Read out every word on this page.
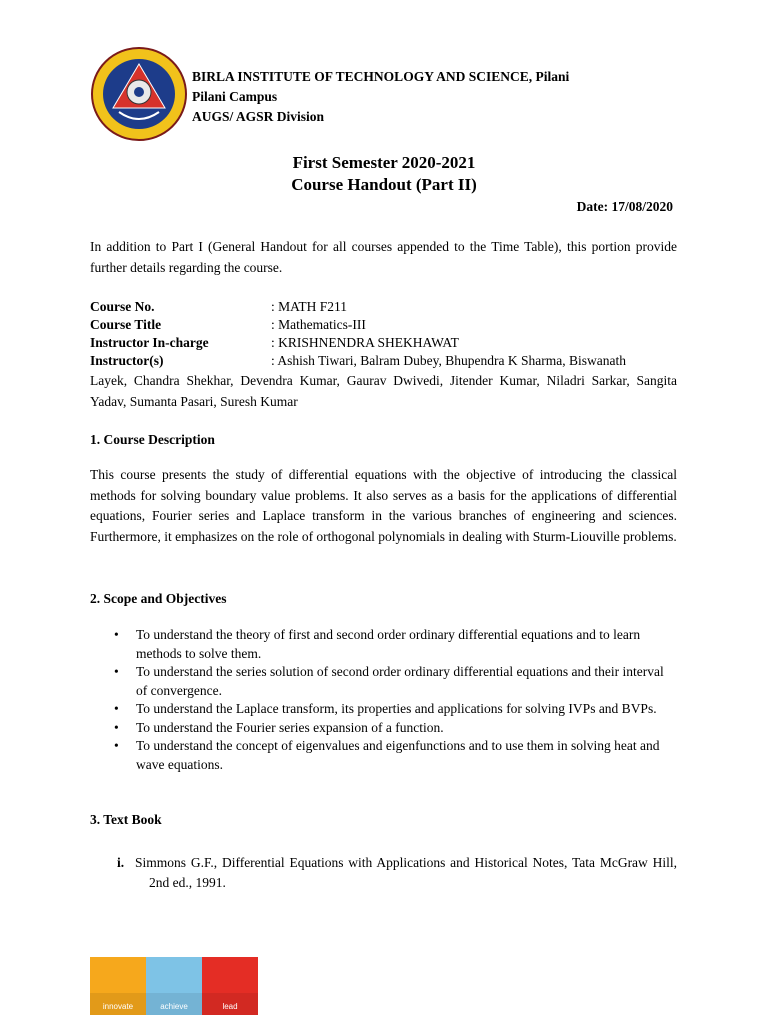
BIRLA INSTITUTE OF TECHNOLOGY AND SCIENCE, Pilani
Pilani Campus
AUGS/ AGSR Division
First Semester 2020-2021
Course Handout (Part II)
Date: 17/08/2020
In addition to Part I (General Handout for all courses appended to the Time Table), this portion provide further details regarding the course.
Course No.	: MATH F211
Course Title	: Mathematics-III
Instructor In-charge	: KRISHNENDRA SHEKHAWAT
Instructor(s)	: Ashish Tiwari, Balram Dubey, Bhupendra K Sharma, Biswanath
Layek, Chandra Shekhar, Devendra Kumar, Gaurav Dwivedi, Jitender Kumar, Niladri Sarkar, Sangita Yadav, Sumanta Pasari, Suresh Kumar
1. Course Description
This course presents the study of differential equations with the objective of introducing the classical methods for solving boundary value problems. It also serves as a basis for the applications of differential equations, Fourier series and Laplace transform in the various branches of engineering and sciences. Furthermore, it emphasizes on the role of orthogonal polynomials in dealing with Sturm-Liouville problems.
2. Scope and Objectives
• To understand the theory of first and second order ordinary differential equations and to learn methods to solve them.
• To understand the series solution of second order ordinary differential equations and their interval of convergence.
• To understand the Laplace transform, its properties and applications for solving IVPs and BVPs.
• To understand the Fourier series expansion of a function.
• To understand the concept of eigenvalues and eigenfunctions and to use them in solving heat and wave equations.
3. Text Book
i. Simmons G.F., Differential Equations with Applications and Historical Notes, Tata McGraw Hill, 2nd ed., 1991.
innovate	achieve	lead
